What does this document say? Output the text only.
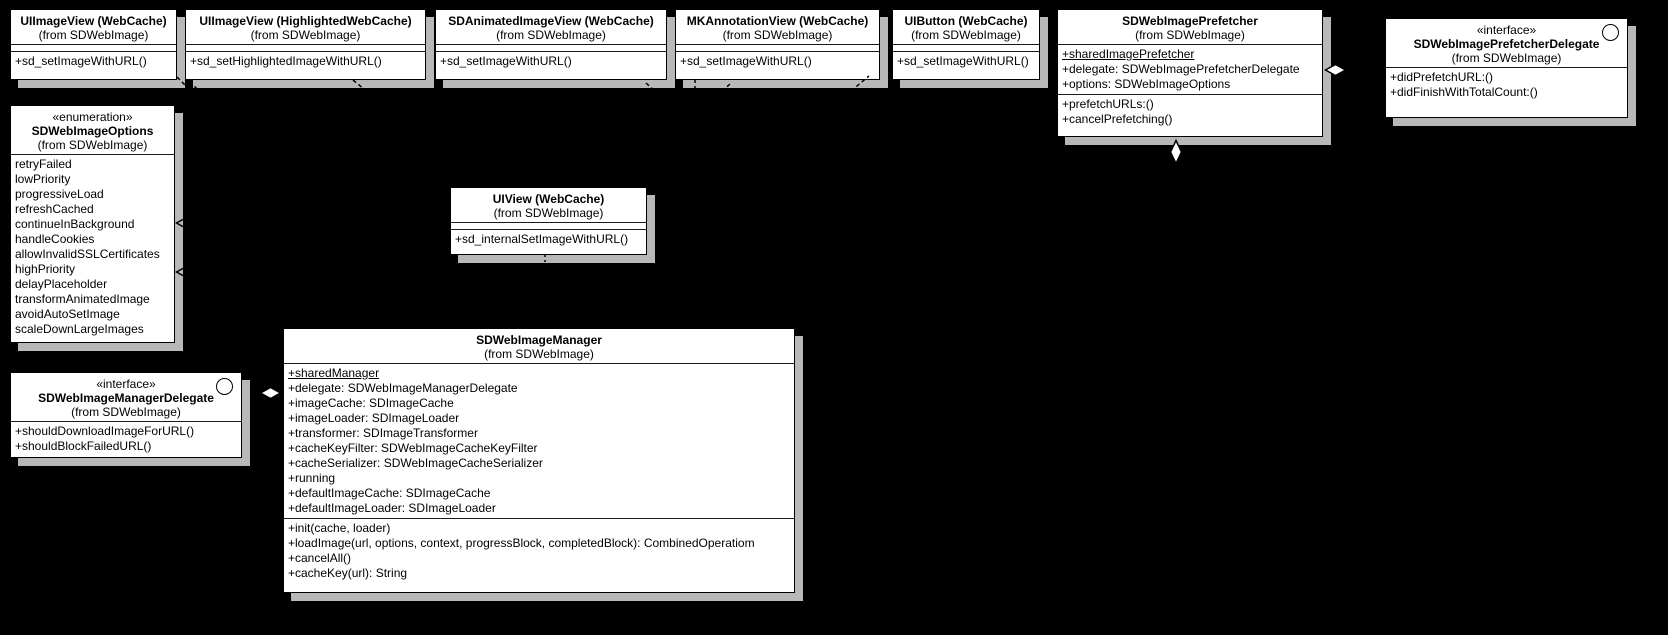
UIImageView (WebCache)
(from SDWebImage)
+sd_setImageWithURL()
UIImageView (HighlightedWebCache)
(from SDWebImage)
+sd_setHighlightedImageWithURL()
SDAnimatedImageView (WebCache)
(from SDWebImage)
+sd_setImageWithURL()
MKAnnotationView (WebCache)
(from SDWebImage)
+sd_setImageWithURL()
UIButton (WebCache)
(from SDWebImage)
+sd_setImageWithURL()
SDWebImagePrefetcher
(from SDWebImage)
+sharedImagePrefetcher
+delegate: SDWebImagePrefetcherDelegate
+options: SDWebImageOptions
+prefetchURLs:()
+cancelPrefetching()
«interface»
SDWebImagePrefetcherDelegate
(from SDWebImage)
+didPrefetchURL:()
+didFinishWithTotalCount:()
«enumeration»
SDWebImageOptions
(from SDWebImage)
retryFailed
lowPriority
progressiveLoad
refreshCached
continueInBackground
handleCookies
allowInvalidSSLCertificates
highPriority
delayPlaceholder
transformAnimatedImage
avoidAutoSetImage
scaleDownLargeImages
UIView (WebCache)
(from SDWebImage)
+sd_internalSetImageWithURL()
«interface»
SDWebImageManagerDelegate
(from SDWebImage)
+shouldDownloadImageForURL()
+shouldBlockFailedURL()
SDWebImageManager
(from SDWebImage)
+sharedManager
+delegate: SDWebImageManagerDelegate
+imageCache: SDImageCache
+imageLoader: SDImageLoader
+transformer: SDImageTransformer
+cacheKeyFilter: SDWebImageCacheKeyFilter
+cacheSerializer: SDWebImageCacheSerializer
+running
+defaultImageCache: SDImageCache
+defaultImageLoader: SDImageLoader
+init(cache, loader)
+loadImage(url, options, context, progressBlock, completedBlock): CombinedOperatiom
+cancelAll()
+cacheKey(url): String
